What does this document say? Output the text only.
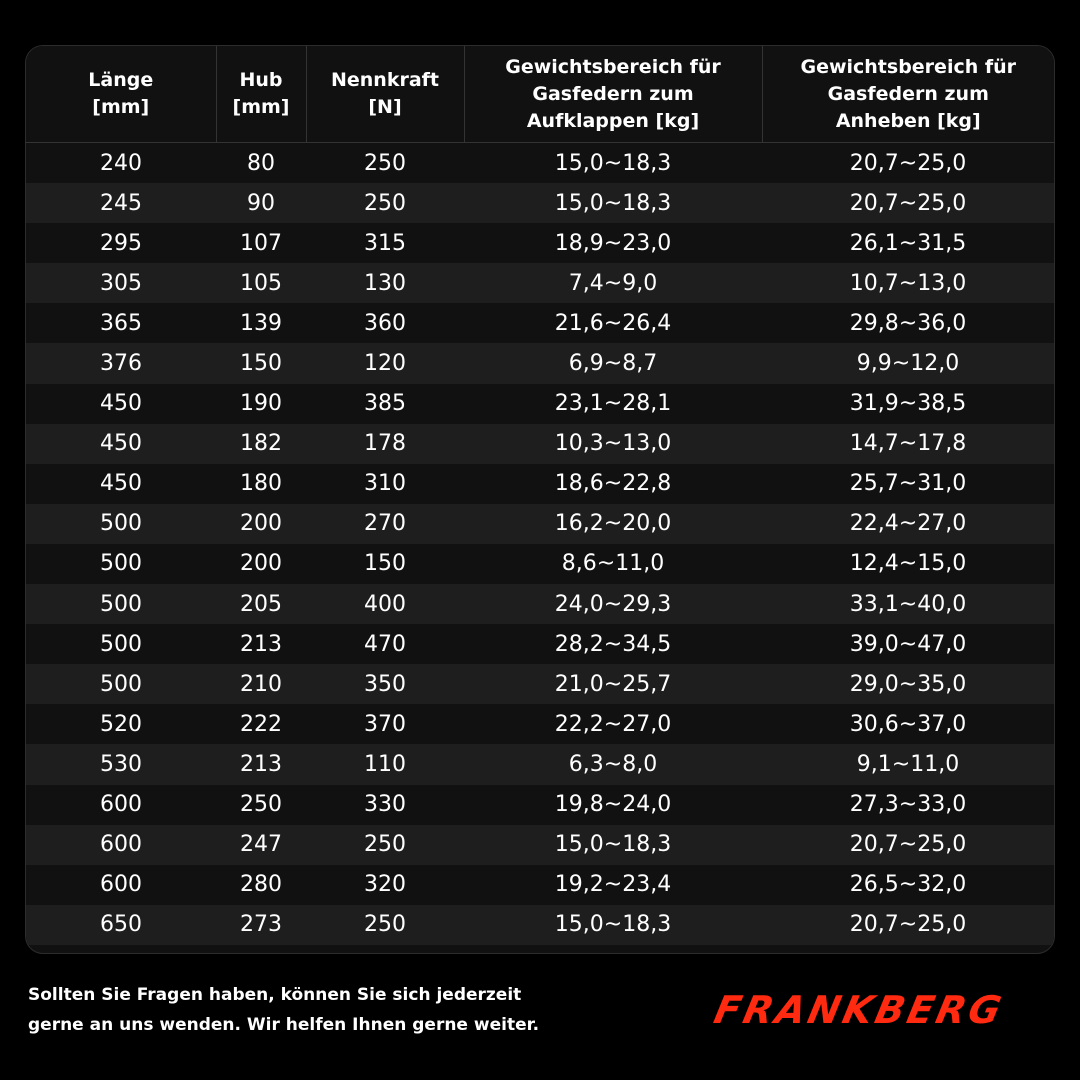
Länge
[mm]	Hub
[mm]	Nennkraft
[N]	Gewichtsbereich für
Gasfedern zum
Aufklappen [kg]	Gewichtsbereich für
Gasfedern zum
Anheben [kg]

240	80	250	15,0~18,3	20,7~25,0
245	90	250	15,0~18,3	20,7~25,0
295	107	315	18,9~23,0	26,1~31,5
305	105	130	7,4~9,0	10,7~13,0
365	139	360	21,6~26,4	29,8~36,0
376	150	120	6,9~8,7	9,9~12,0
450	190	385	23,1~28,1	31,9~38,5
450	182	178	10,3~13,0	14,7~17,8
450	180	310	18,6~22,8	25,7~31,0
500	200	270	16,2~20,0	22,4~27,0
500	200	150	8,6~11,0	12,4~15,0
500	205	400	24,0~29,3	33,1~40,0
500	213	470	28,2~34,5	39,0~47,0
500	210	350	21,0~25,7	29,0~35,0
520	222	370	22,2~27,0	30,6~37,0
530	213	110	6,3~8,0	9,1~11,0
600	250	330	19,8~24,0	27,3~33,0
600	247	250	15,0~18,3	20,7~25,0
600	280	320	19,2~23,4	26,5~32,0
650	273	250	15,0~18,3	20,7~25,0
Sollten Sie Fragen haben, können Sie sich jederzeit
gerne an uns wenden. Wir helfen Ihnen gerne weiter.	FRANKBERG
